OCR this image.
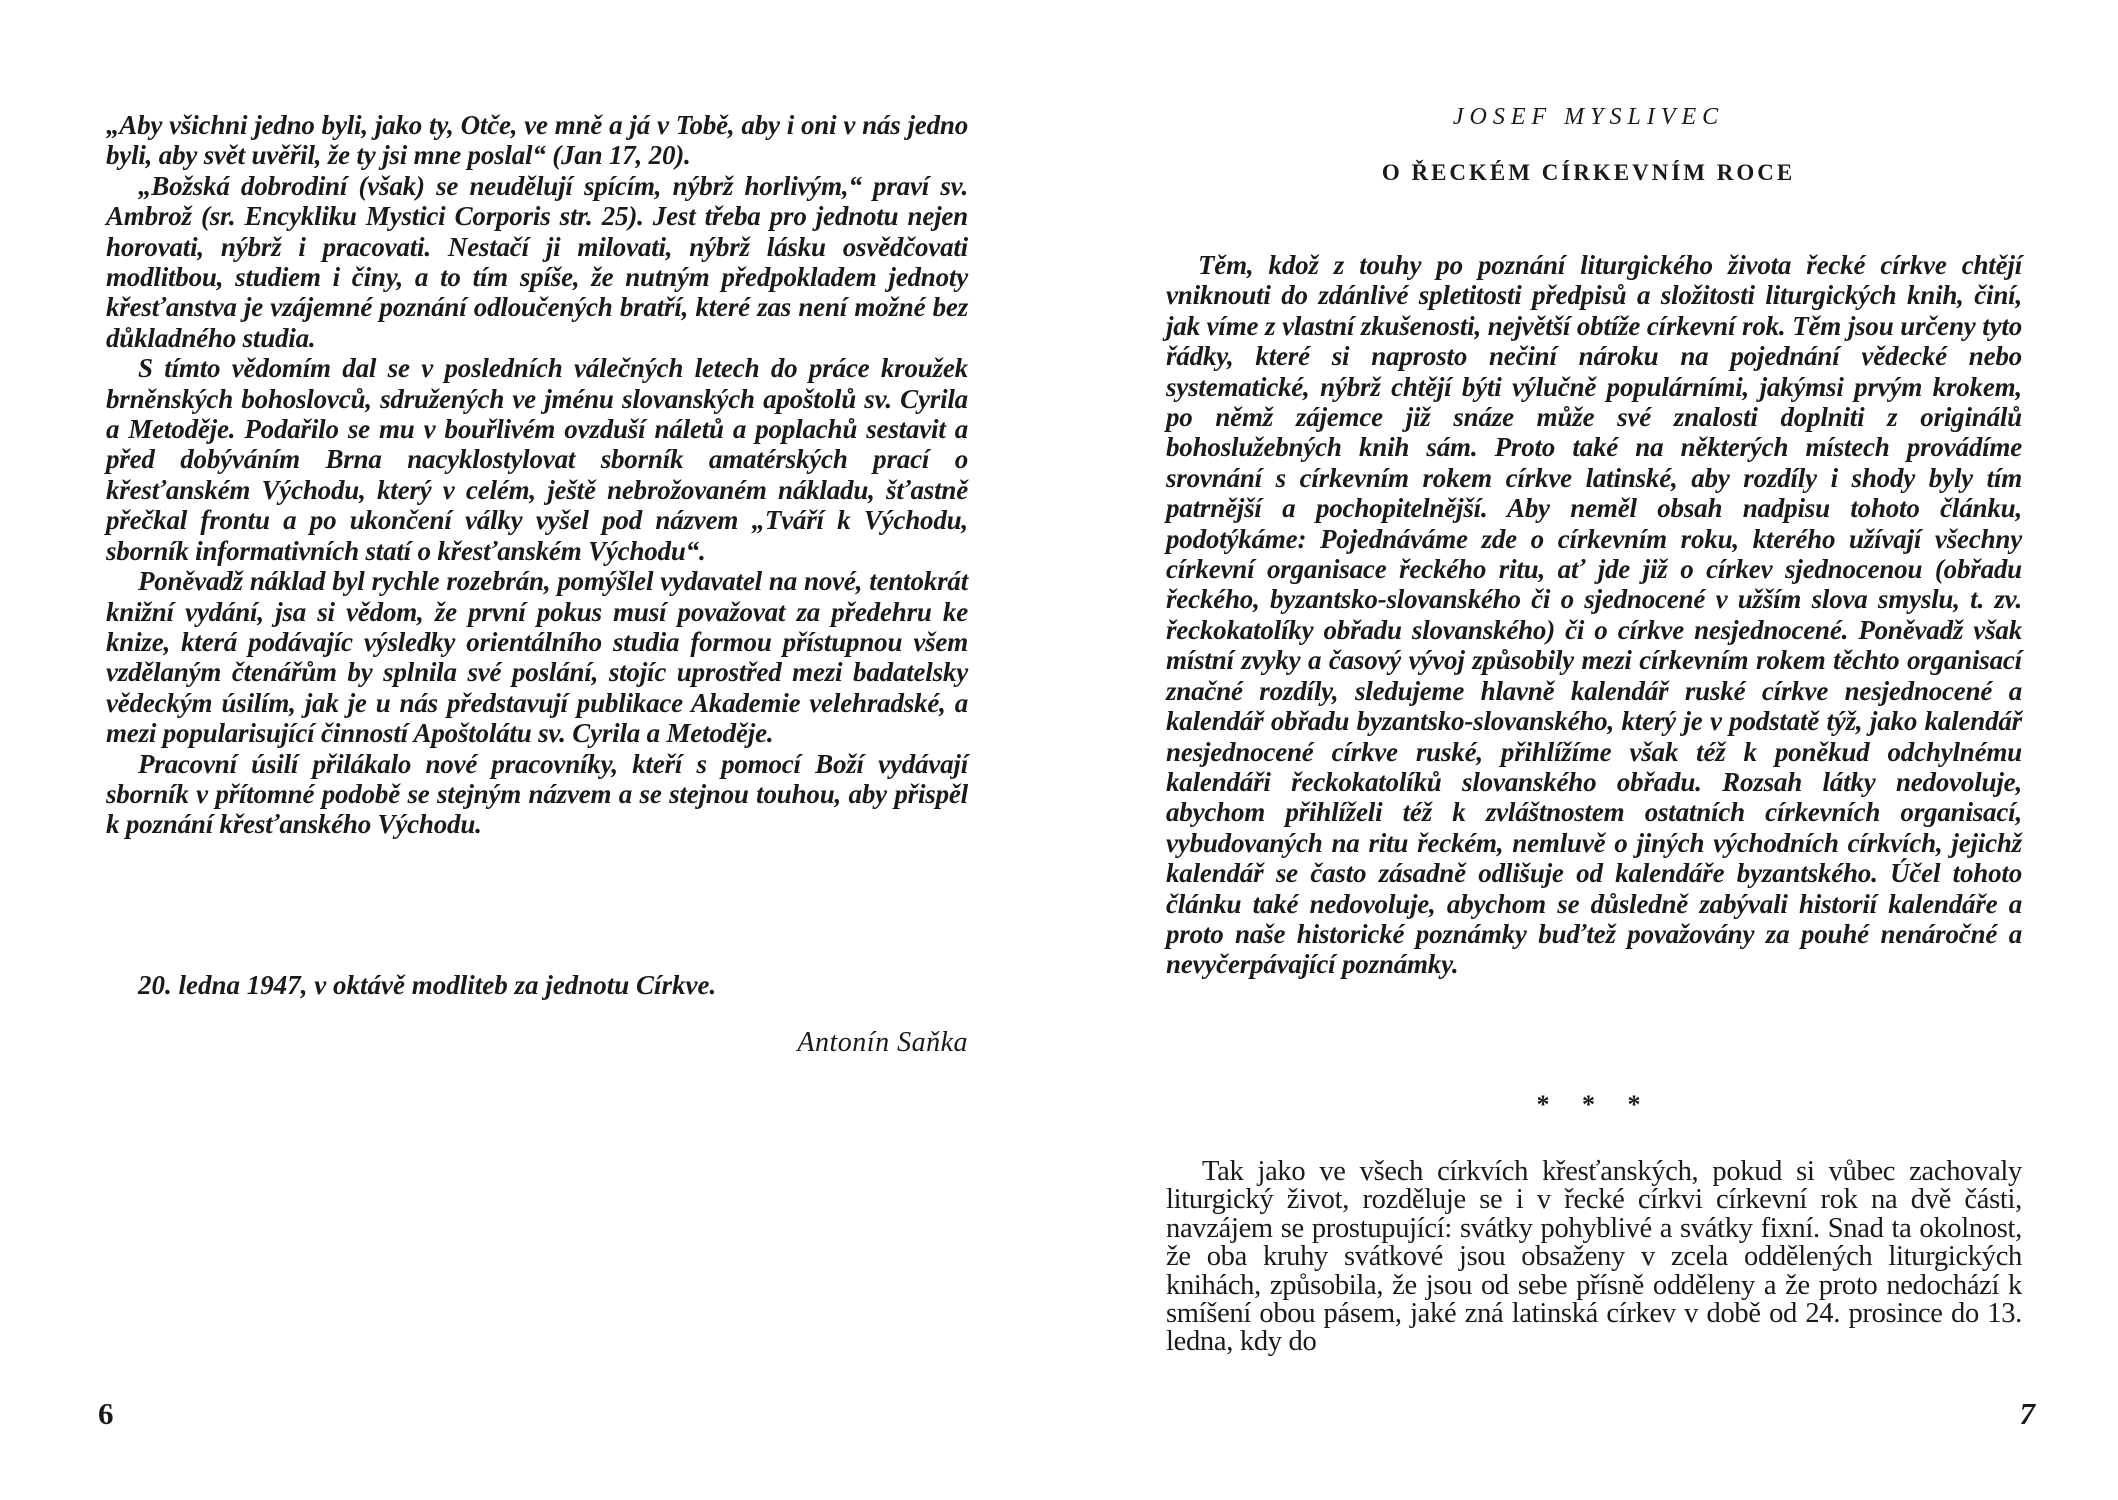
„Aby všichni jedno byli, jako ty, Otče, ve mně a já v Tobě, aby i oni v nás jedno byli, aby svět uvěřil, že ty jsi mne poslal“ (Jan 17, 20).

„Božská dobrodiní (však) se neudělují spícím, nýbrž horlivým,“ praví sv. Ambrož (sr. Encykliku Mystici Corporis str. 25). Jest třeba pro jednotu nejen horovati, nýbrž i pracovati. Nestačí ji milovati, nýbrž lásku osvědčovati modlitbou, studiem i činy, a to tím spíše, že nutným předpokladem jednoty křesťanstva je vzájemné poznání odloučených bratří, které zas není možné bez důkladného studia.

S tímto vědomím dal se v posledních válečných letech do práce kroužek brněnských bohoslovců, sdružených ve jménu slovanských apoštolů sv. Cyrila a Metoděje. Podařilo se mu v bouřlivém ovzduší náletů a poplachů sestavit a před dobýváním Brna nacyklostylovat sborník amatérských prací o křesťanském Východu, který v celém, ještě nebrožovaném nákladu, šťastně přečkal frontu a po ukončení války vyšel pod názvem „Tváří k Východu, sborník informativních statí o křesťanském Východu“.

Poněvadž náklad byl rychle rozebrán, pomýšlel vydavatel na nové, tentokrát knižní vydání, jsa si vědom, že první pokus musí považovat za předehru ke knize, která podávajíc výsledky orientálního studia formou přístupnou všem vzdělaným čtenářům by splnila své poslání, stojíc uprostřed mezi badatelsky vědeckým úsilím, jak je u nás představují publikace Akademie velehradské, a mezi popularisující činností Apoštolátu sv. Cyrila a Metoděje.

Pracovní úsilí přilákalo nové pracovníky, kteří s pomocí Boží vydávají sborník v přítomné podobě se stejným názvem a se stejnou touhou, aby přispěl k poznání křesťanského Východu.

20. ledna 1947, v oktávě modliteb za jednotu Církve.

Antonín Saňka

6

JOSEF MYSLIVEC

O ŘECKÉM CÍRKEVNÍM ROCE

Těm, kdož z touhy po poznání liturgického života řecké církve chtějí vniknouti do zdánlivé spletitosti předpisů a složitosti liturgických knih, činí, jak víme z vlastní zkušenosti, největší obtíže církevní rok. Těm jsou určeny tyto řádky, které si naprosto nečiní nároku na pojednání vědecké nebo systematické, nýbrž chtějí býti výlučně populárními, jakýmsi prvým krokem, po němž zájemce již snáze může své znalosti doplniti z originálů bohoslužebných knih sám. Proto také na některých místech provádíme srovnání s církevním rokem církve latinské, aby rozdíly i shody byly tím patrnější a pochopitelnější. Aby neměl obsah nadpisu tohoto článku, podotýkáme: Pojednáváme zde o církevním roku, kterého užívají všechny církevní organisace řeckého ritu, ať jde již o církev sjednocenou (obřadu řeckého, byzantsko-slovanského či o sjednocené v užším slova smyslu, t. zv. řeckokatolíky obřadu slovanského) či o církve nesjednocené. Poněvadž však místní zvyky a časový vývoj způsobily mezi církevním rokem těchto organisací značné rozdíly, sledujeme hlavně kalendář ruské církve nesjednocené a kalendář obřadu byzantsko-slovanského, který je v podstatě týž, jako kalendář nesjednocené církve ruské, přihlížíme však též k poněkud odchylnému kalendáři řeckokatolíků slovanského obřadu. Rozsah látky nedovoluje, abychom přihlíželi též k zvláštnostem ostatních církevních organisací, vybudovaných na ritu řeckém, nemluvě o jiných východních církvích, jejichž kalendář se často zásadně odlišuje od kalendáře byzantského. Účel tohoto článku také nedovoluje, abychom se důsledně zabývali historií kalendáře a proto naše historické poznámky buďtež považovány za pouhé nenáročné a nevyčerpávající poznámky.

* * *

Tak jako ve všech církvích křesťanských, pokud si vůbec zachovaly liturgický život, rozděluje se i v řecké církvi církevní rok na dvě části, navzájem se prostupující: svátky pohyblivé a svátky fixní. Snad ta okolnost, že oba kruhy svátkové jsou obsaženy v zcela oddělených liturgických knihách, způsobila, že jsou od sebe přísně odděleny a že proto nedochází k smíšení obou pásem, jaké zná latinská církev v době od 24. prosince do 13. ledna, kdy do

7
